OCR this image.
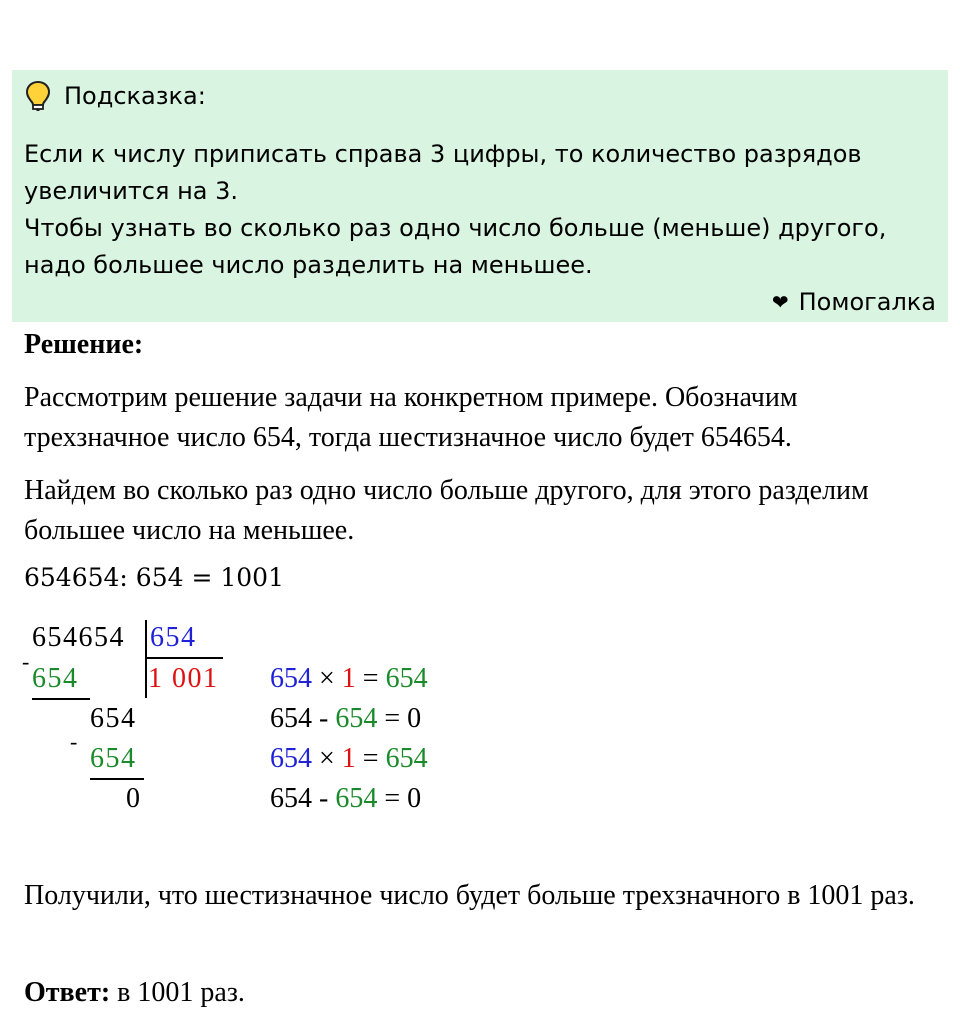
Подсказка:

Если к числу приписать справа 3 цифры, то количество разрядов увеличится на 3.

Чтобы узнать во сколько раз одно число больше (меньше) другого, надо большее число разделить на меньшее.

❤ Помогалка
Решение:

Рассмотрим решение задачи на конкретном примере. Обозначим трехзначное число 654, тогда шестизначное число будет 654654.

Найдем во сколько раз одно число больше другого, для этого разделим большее число на меньшее.

654654: 654 = 1001
654654 654
-
654 1 001
654
-
654
0
654 × 1 = 654
654 - 654 = 0
654 × 1 = 654
654 - 654 = 0

Получили, что шестизначное число будет больше трехзначного в 1001 раз.

Ответ: в 1001 раз.
